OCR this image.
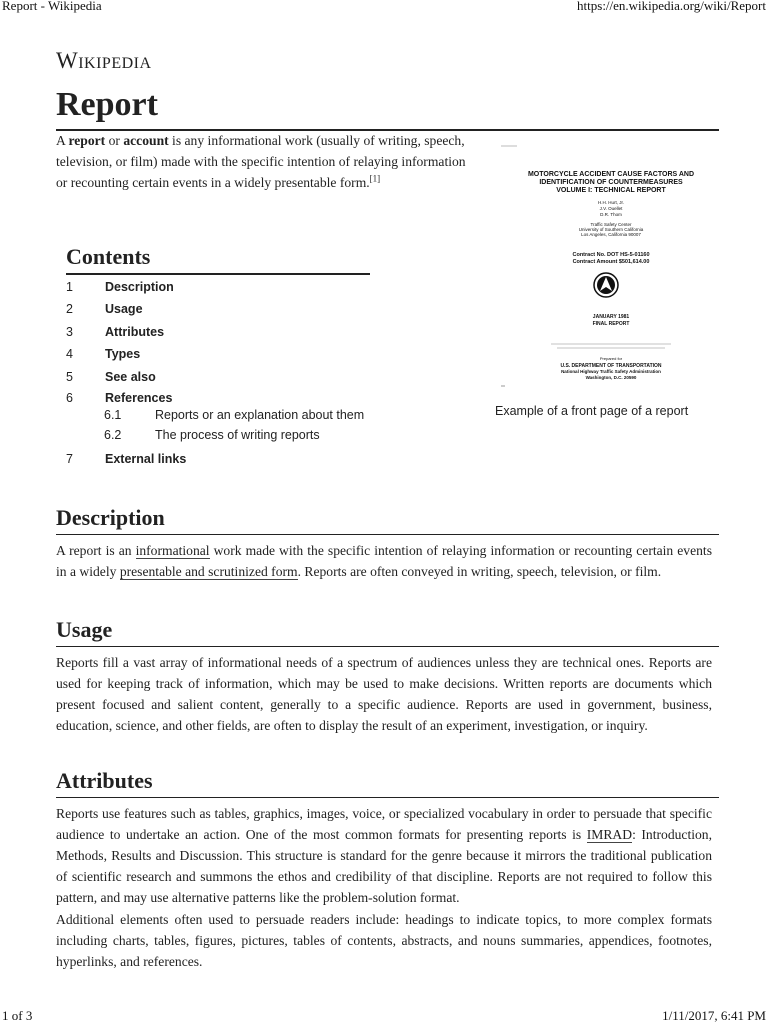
Report - Wikipedia	https://en.wikipedia.org/wiki/Report
Wikipedia
Report

A report or account is any informational work (usually of writing, speech, television, or film) made with the specific intention of relaying information or recounting certain events in a widely presentable form.[1]	MOTORCYCLE ACCIDENT CAUSE FACTORS AND
IDENTIFICATION OF COUNTERMEASURES
VOLUME I: TECHNICAL REPORT
H.H. Hurt, Jr.
J.V. Ouellet
D.R. Thom
Traffic Safety Center
University of Southern California
Los Angeles, California 90007
Contract No. DOT HS-5-01160
Contract Amount $501,614.00
JANUARY 1981
FINAL REPORT
Prepared for
U.S. DEPARTMENT OF TRANSPORTATION
National Highway Traffic Safety Administration
Washington, D.C. 20590
Example of a front page of a report
Contents
1	Description
2	Usage
3	Attributes
4	Types
5	See also
6	References
6.1	Reports or an explanation about them
6.2	The process of writing reports
7	External links
Description

A report is an informational work made with the specific intention of relaying information or recounting certain events in a widely presentable and scrutinized form. Reports are often conveyed in writing, speech, television, or film.

Usage

Reports fill a vast array of informational needs of a spectrum of audiences unless they are technical ones. Reports are used for keeping track of information, which may be used to make decisions. Written reports are documents which present focused and salient content, generally to a specific audience. Reports are used in government, business, education, science, and other fields, are often to display the result of an experiment, investigation, or inquiry.

Attributes

Reports use features such as tables, graphics, images, voice, or specialized vocabulary in order to persuade that specific audience to undertake an action. One of the most common formats for presenting reports is IMRAD: Introduction, Methods, Results and Discussion. This structure is standard for the genre because it mirrors the traditional publication of scientific research and summons the ethos and credibility of that discipline. Reports are not required to follow this pattern, and may use alternative patterns like the problem-solution format.

Additional elements often used to persuade readers include: headings to indicate topics, to more complex formats including charts, tables, figures, pictures, tables of contents, abstracts, and nouns summaries, appendices, footnotes, hyperlinks, and references.

1 of 3	1/11/2017, 6:41 PM
